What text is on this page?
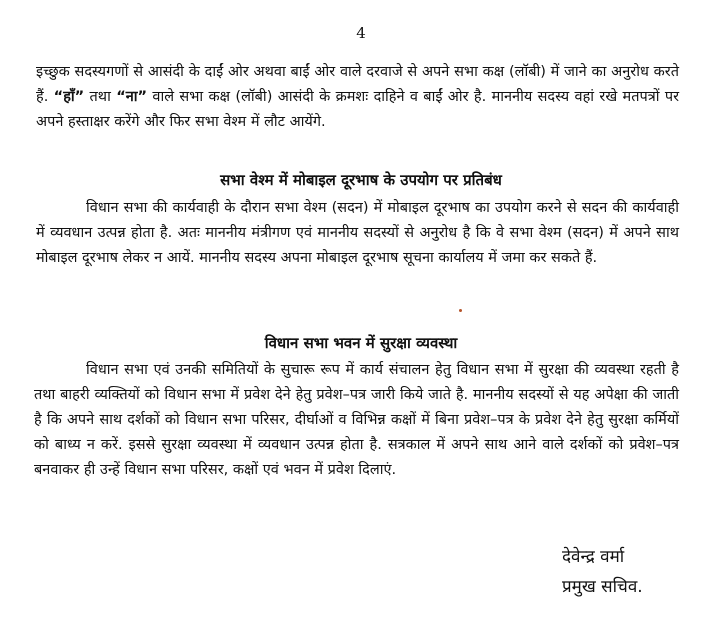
4

इच्छुक सदस्यगणों से आसंदी के दाईं ओर अथवा बाईं ओर वाले दरवाजे से अपने सभा कक्ष (लॉबी) में जाने का अनुरोध करते हैं. “हाँ” तथा “ना” वाले सभा कक्ष (लॉबी) आसंदी के क्रमशः दाहिने व बाईं ओर है. माननीय सदस्य वहां रखे मतपत्रों पर अपने हस्ताक्षर करेंगे और फिर सभा वेश्म में लौट आयेंगे.

सभा वेश्म में मोबाइल दूरभाष के उपयोग पर प्रतिबंध

विधान सभा की कार्यवाही के दौरान सभा वेश्म (सदन) में मोबाइल दूरभाष का उपयोग करने से सदन की कार्यवाही में व्यवधान उत्पन्न होता है. अतः माननीय मंत्रीगण एवं माननीय सदस्यों से अनुरोध है कि वे सभा वेश्म (सदन) में अपने साथ मोबाइल दूरभाष लेकर न आयें. माननीय सदस्य अपना मोबाइल दूरभाष सूचना कार्यालय में जमा कर सकते हैं.

विधान सभा भवन में सुरक्षा व्यवस्था

विधान सभा एवं उनकी समितियों के सुचारू रूप में कार्य संचालन हेतु विधान सभा में सुरक्षा की व्यवस्था रहती है तथा बाहरी व्यक्तियों को विधान सभा में प्रवेश देने हेतु प्रवेश–पत्र जारी किये जाते है. माननीय सदस्यों से यह अपेक्षा की जाती है कि अपने साथ दर्शकों को विधान सभा परिसर, दीर्घाओं व विभिन्न कक्षों में बिना प्रवेश–पत्र के प्रवेश देने हेतु सुरक्षा कर्मियों को बाध्य न करें. इससे सुरक्षा व्यवस्था में व्यवधान उत्पन्न होता है. सत्रकाल में अपने साथ आने वाले दर्शकों को प्रवेश–पत्र बनवाकर ही उन्हें विधान सभा परिसर, कक्षों एवं भवन में प्रवेश दिलाएं.

देवेन्द्र वर्मा
प्रमुख सचिव.
